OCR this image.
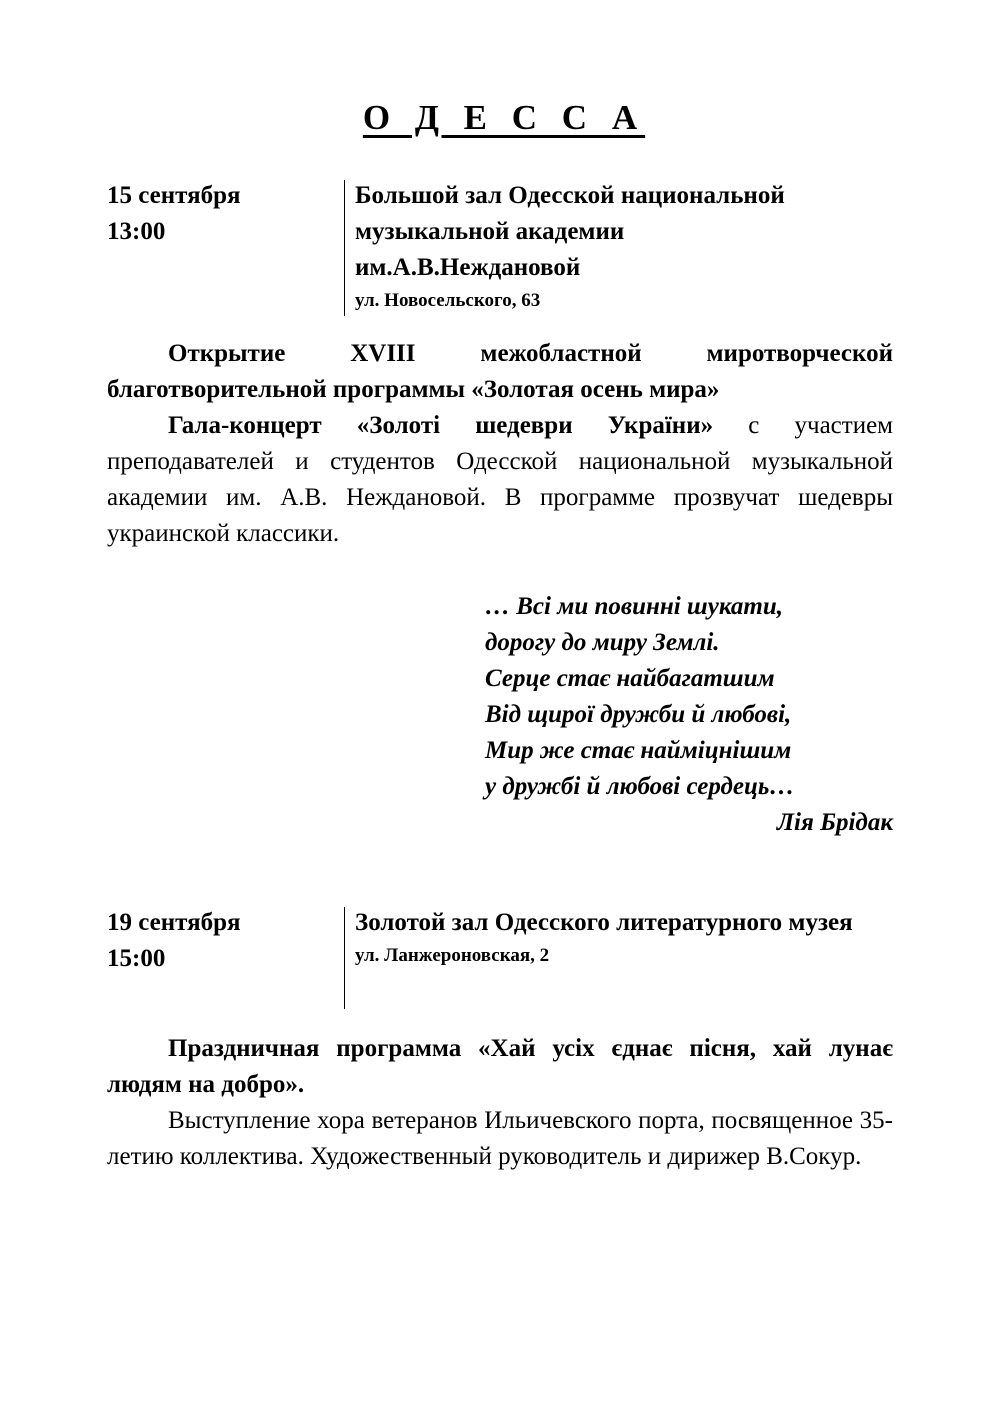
О Д Е С С А
15 сентября
13:00
Большой зал Одесской национальной
музыкальной академии
им.А.В.Неждановой
ул. Новосельского, 63

Открытие XVIII межобластной миротворческой благотворительной программы «Золотая осень мира»

Гала-концерт «Золоті шедеври України» с участием преподавателей и студентов Одесской национальной музыкальной академии им. А.В. Неждановой. В программе прозвучат шедевры украинской классики.

… Всі ми повинні шукати,
дорогу до миру Землі.
Серце стає найбагатшим
Від щирої дружби й любові,
Мир же стає наймiцнішим
у дружбі й любові сердець…
Лія Брідак
19 сентября
15:00
Золотой зал Одесского литературного музея
ул. Ланжероновская, 2

Праздничная программа «Хай усіх єднає пісня, хай лунає людям на добро».

Выступление хора ветеранов Ильичевского порта, посвященное 35-летию коллектива. Художественный руководитель и дирижер В.Сокур.
